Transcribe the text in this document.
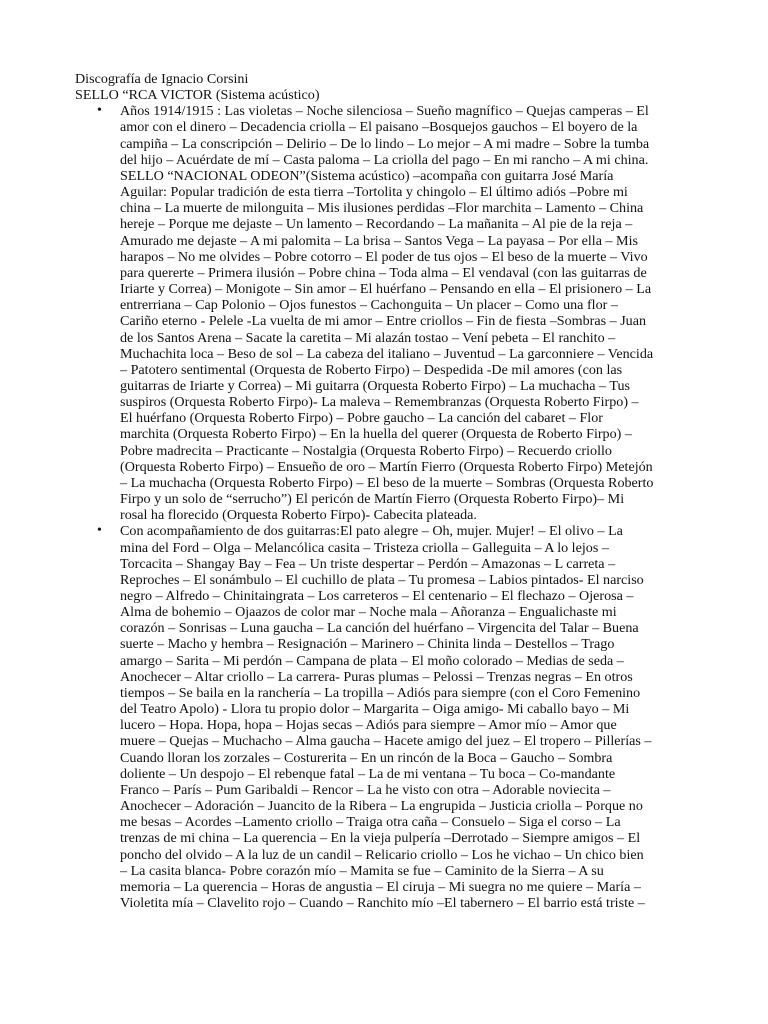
Discografía de Ignacio Corsini
SELLO “RCA VICTOR (Sistema acústico)
• Años 1914/1915 : Las violetas – Noche silenciosa – Sueño magnífico – Quejas camperas – El
amor con el dinero – Decadencia criolla – El paisano –Bosquejos gauchos – El boyero de la
campiña – La conscripción – Delirio – De lo lindo – Lo mejor – A mi madre – Sobre la tumba
del hijo – Acuérdate de mí – Casta paloma – La criolla del pago – En mi rancho – A mi china.
SELLO “NACIONAL ODEON”(Sistema acústico) –acompaña con guitarra José María
Aguilar: Popular tradición de esta tierra –Tortolita y chingolo – El último adiós –Pobre mi
china – La muerte de milonguita – Mis ilusiones perdidas –Flor marchita – Lamento – China
hereje – Porque me dejaste – Un lamento – Recordando – La mañanita – Al pie de la reja –
Amurado me dejaste – A mi palomita – La brisa – Santos Vega – La payasa – Por ella – Mis
harapos – No me olvides – Pobre cotorro – El poder de tus ojos – El beso de la muerte – Vivo
para quererte – Primera ilusión – Pobre china – Toda alma – El vendaval (con las guitarras de
Iriarte y Correa) – Monigote – Sin amor – El huérfano – Pensando en ella – El prisionero – La
entrerriana – Cap Polonio – Ojos funestos – Cachonguita – Un placer – Como una flor –
Cariño eterno - Pelele -La vuelta de mi amor – Entre criollos – Fin de fiesta –Sombras – Juan
de los Santos Arena – Sacate la caretita – Mi alazán tostao – Vení pebeta – El ranchito –
Muchachita loca – Beso de sol – La cabeza del italiano – Juventud – La garconniere – Vencida
– Patotero sentimental (Orquesta de Roberto Firpo) – Despedida -De mil amores (con las
guitarras de Iriarte y Correa) – Mi guitarra (Orquesta Roberto Firpo) – La muchacha – Tus
suspiros (Orquesta Roberto Firpo)- La maleva – Remembranzas (Orquesta Roberto Firpo) –
El huérfano (Orquesta Roberto Firpo) – Pobre gaucho – La canción del cabaret – Flor
marchita (Orquesta Roberto Firpo) – En la huella del querer (Orquesta de Roberto Firpo) –
Pobre madrecita – Practicante – Nostalgia (Orquesta Roberto Firpo) – Recuerdo criollo
(Orquesta Roberto Firpo) – Ensueño de oro – Martín Fierro (Orquesta Roberto Firpo) Metejón
– La muchacha (Orquesta Roberto Firpo) – El beso de la muerte – Sombras (Orquesta Roberto
Firpo y un solo de “serrucho”) El pericón de Martín Fierro (Orquesta Roberto Firpo)– Mi
rosal ha florecido (Orquesta Roberto Firpo)- Cabecita plateada.
• Con acompañamiento de dos guitarras:El pato alegre – Oh, mujer. Mujer! – El olivo – La
mina del Ford – Olga – Melancólica casita – Tristeza criolla – Galleguita – A lo lejos –
Torcacita – Shangay Bay – Fea – Un triste despertar – Perdón – Amazonas – L carreta –
Reproches – El sonámbulo – El cuchillo de plata – Tu promesa – Labios pintados- El narciso
negro – Alfredo – Chinitaingrata – Los carreteros – El centenario – El flechazo – Ojerosa –
Alma de bohemio – Ojaazos de color mar – Noche mala – Añoranza – Engualichaste mi
corazón – Sonrisas – Luna gaucha – La canción del huérfano – Virgencita del Talar – Buena
suerte – Macho y hembra – Resignación – Marinero – Chinita linda – Destellos – Trago
amargo – Sarita – Mi perdón – Campana de plata – El moño colorado – Medias de seda –
Anochecer – Altar criollo – La carrera- Puras plumas – Pelossi – Trenzas negras – En otros
tiempos – Se baila en la ranchería – La tropilla – Adiós para siempre (con el Coro Femenino
del Teatro Apolo) - Llora tu propio dolor – Margarita – Oiga amigo- Mi caballo bayo – Mi
lucero – Hopa. Hopa, hopa – Hojas secas – Adiós para siempre – Amor mío – Amor que
muere – Quejas – Muchacho – Alma gaucha – Hacete amigo del juez – El tropero – Pillerías –
Cuando lloran los zorzales – Costurerita – En un rincón de la Boca – Gaucho – Sombra
doliente – Un despojo – El rebenque fatal – La de mi ventana – Tu boca – Co-mandante
Franco – París – Pum Garibaldi – Rencor – La he visto con otra – Adorable noviecita –
Anochecer – Adoración – Juancito de la Ribera – La engrupida – Justicia criolla – Porque no
me besas – Acordes –Lamento criollo – Traiga otra caña – Consuelo – Siga el corso – La
trenzas de mi china – La querencia – En la vieja pulpería –Derrotado – Siempre amigos – El
poncho del olvido – A la luz de un candil – Relicario criollo – Los he vichao – Un chico bien
– La casita blanca- Pobre corazón mío – Mamita se fue – Caminito de la Sierra – A su
memoria – La querencia – Horas de angustia – El ciruja – Mi suegra no me quiere – María –
Violetita mía – Clavelito rojo – Cuando – Ranchito mío –El tabernero – El barrio está triste –
